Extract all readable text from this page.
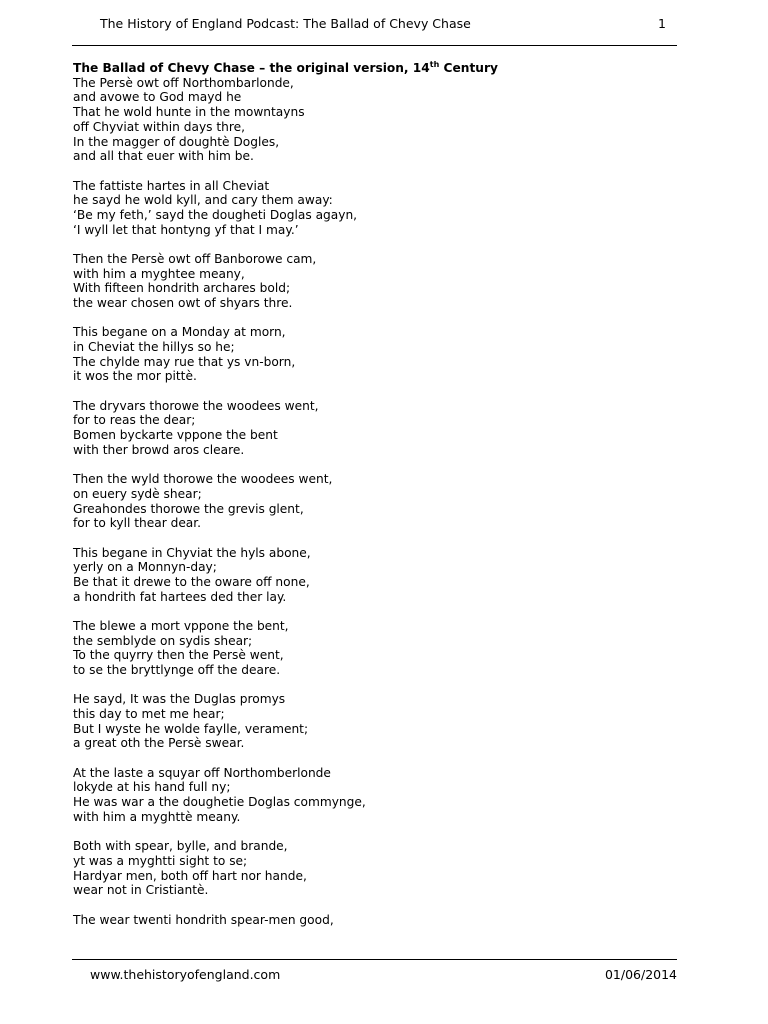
The History of England Podcast: The Ballad of Chevy Chase	1

The Ballad of Chevy Chase – the original version, 14th Century

The Persè owt off Northombarlonde,
and avowe to God mayd he
That he wold hunte in the mowntayns
off Chyviat within days thre,
In the magger of doughtè Dogles,
and all that euer with him be.
The fattiste hartes in all Cheviat
he sayd he wold kyll, and cary them away:
‘Be my feth,’ sayd the dougheti Doglas agayn,
‘I wyll let that hontyng yf that I may.’
Then the Persè owt off Banborowe cam,
with him a myghtee meany,
With fifteen hondrith archares bold;
the wear chosen owt of shyars thre.
This begane on a Monday at morn,
in Cheviat the hillys so he;
The chylde may rue that ys vn-born,
it wos the mor pittè.
The dryvars thorowe the woodees went,
for to reas the dear;
Bomen byckarte vppone the bent
with ther browd aros cleare.
Then the wyld thorowe the woodees went,
on euery sydè shear;
Greahondes thorowe the grevis glent,
for to kyll thear dear.
This begane in Chyviat the hyls abone,
yerly on a Monnyn-day;
Be that it drewe to the oware off none,
a hondrith fat hartees ded ther lay.
The blewe a mort vppone the bent,
the semblyde on sydis shear;
To the quyrry then the Persè went,
to se the bryttlynge off the deare.
He sayd, It was the Duglas promys
this day to met me hear;
But I wyste he wolde faylle, verament;
a great oth the Persè swear.
At the laste a squyar off Northomberlonde
lokyde at his hand full ny;
He was war a the doughetie Doglas commynge,
with him a myghttè meany.
Both with spear, bylle, and brande,
yt was a myghtti sight to se;
Hardyar men, both off hart nor hande,
wear not in Cristiantè.
The wear twenti hondrith spear-men good,
www.thehistoryofengland.com	01/06/2014
